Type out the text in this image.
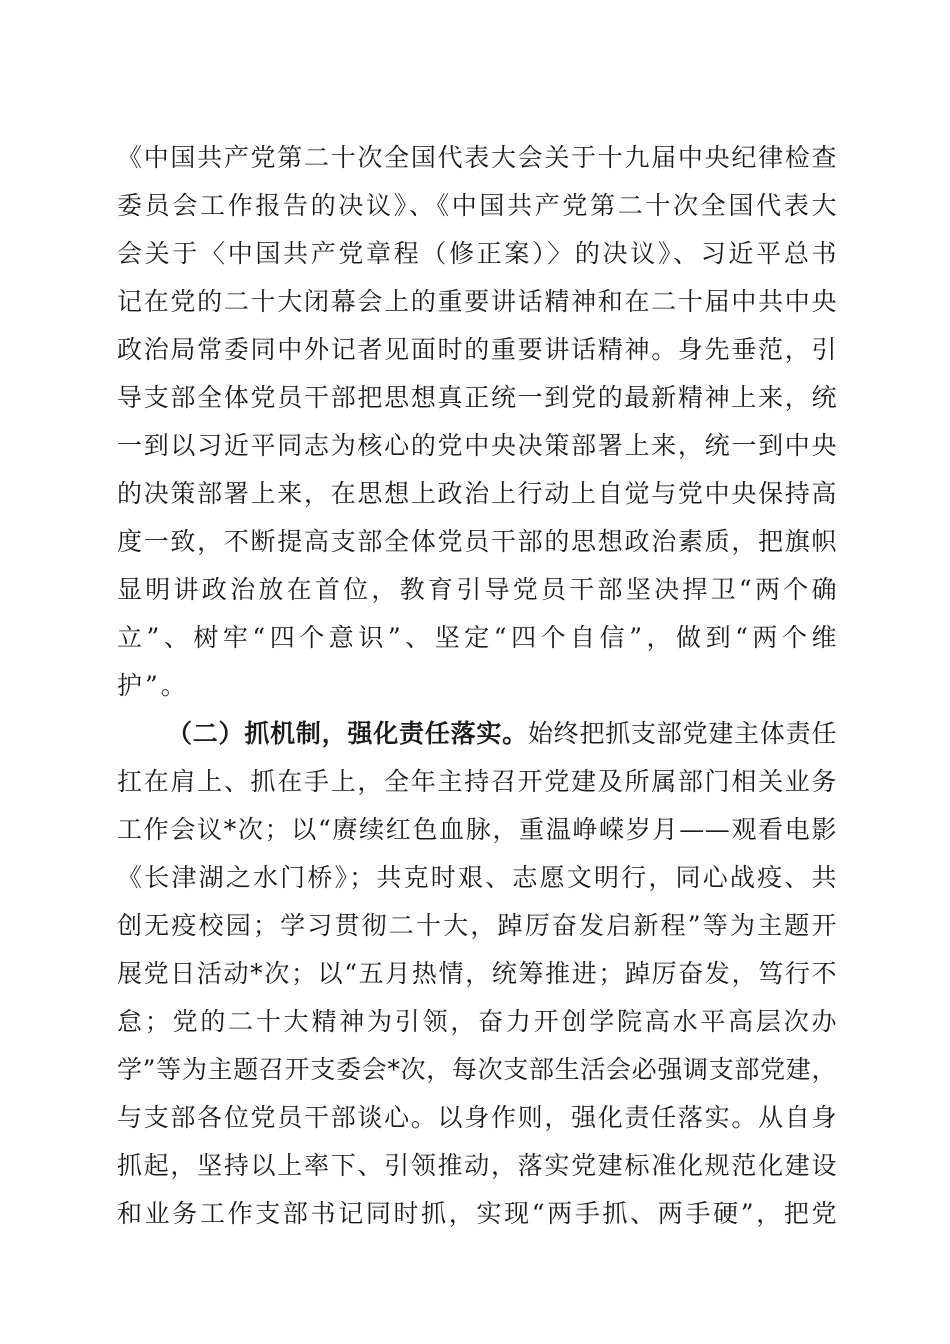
《中国共产党第二十次全国代表大会关于十九届中央纪律检查
委员会工作报告的决议》、《中国共产党第二十次全国代表大
会关于〈中国共产党章程（修正案）〉的决议》、习近平总书
记在党的二十大闭幕会上的重要讲话精神和在二十届中共中央
政治局常委同中外记者见面时的重要讲话精神。身先垂范，引
导支部全体党员干部把思想真正统一到党的最新精神上来，统
一到以习近平同志为核心的党中央决策部署上来，统一到中央
的决策部署上来，在思想上政治上行动上自觉与党中央保持高
度一致，不断提高支部全体党员干部的思想政治素质，把旗帜
显明讲政治放在首位，教育引导党员干部坚决捍卫“两个确
立”、树牢“四个意识”、坚定“四个自信”，做到“两个维
护”。
（二）抓机制，强化责任落实。始终把抓支部党建主体责任
扛在肩上、抓在手上，全年主持召开党建及所属部门相关业务
工作会议*次；以“赓续红色血脉，重温峥嵘岁月——观看电影
《长津湖之水门桥》；共克时艰、志愿文明行，同心战疫、共
创无疫校园；学习贯彻二十大，踔厉奋发启新程”等为主题开
展党日活动*次；以“五月热情，统筹推进；踔厉奋发，笃行不
怠；党的二十大精神为引领，奋力开创学院高水平高层次办
学”等为主题召开支委会*次，每次支部生活会必强调支部党建，
与支部各位党员干部谈心。以身作则，强化责任落实。从自身
抓起，坚持以上率下、引领推动，落实党建标准化规范化建设
和业务工作支部书记同时抓，实现“两手抓、两手硬”，把党
